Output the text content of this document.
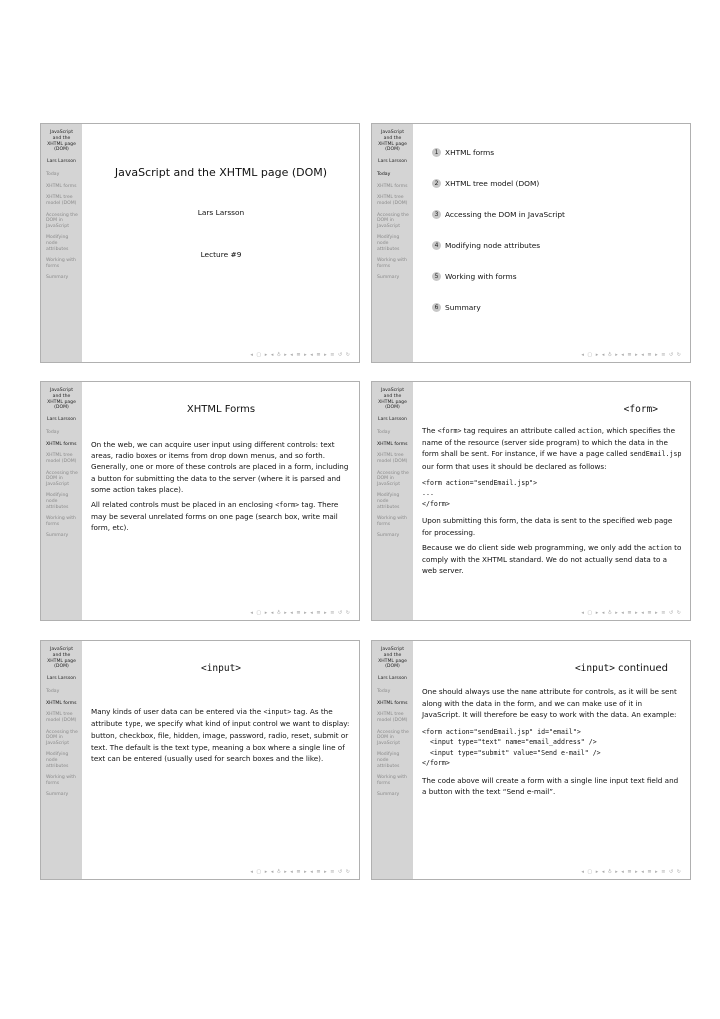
JavaScript
and the
XHTML page
(DOM)
Lars Larsson
Today
XHTML forms
XHTML tree
model (DOM)
Accessing the
DOM in
JavaScript
Modifying
node
attributes
Working with
forms
Summary
JavaScript and the XHTML page (DOM)
Lars Larsson
Lecture #9
◂ ▢ ▸ ◂ ♁ ▸ ◂ ≣ ▸ ◂ ≣ ▸ ≡ ↺ ↻
JavaScript
and the
XHTML page
(DOM)
Lars Larsson
Today
XHTML forms
XHTML tree
model (DOM)
Accessing the
DOM in
JavaScript
Modifying
node
attributes
Working with
forms
Summary
1 XHTML forms
2 XHTML tree model (DOM)
3 Accessing the DOM in JavaScript
4 Modifying node attributes
5 Working with forms
6 Summary
◂ ▢ ▸ ◂ ♁ ▸ ◂ ≣ ▸ ◂ ≣ ▸ ≡ ↺ ↻
JavaScript
and the
XHTML page
(DOM)
Lars Larsson
Today
XHTML forms
XHTML tree
model (DOM)
Accessing the
DOM in
JavaScript
Modifying
node
attributes
Working with
forms
Summary
XHTML Forms

On the web, we can acquire user input using different controls: text areas, radio boxes or items from drop down menus, and so forth. Generally, one or more of these controls are placed in a form, including a button for submitting the data to the server (where it is parsed and some action takes place).

All related controls must be placed in an enclosing <form> tag. There may be several unrelated forms on one page (search box, write mail form, etc).

◂ ▢ ▸ ◂ ♁ ▸ ◂ ≣ ▸ ◂ ≣ ▸ ≡ ↺ ↻
JavaScript
and the
XHTML page
(DOM)
Lars Larsson
Today
XHTML forms
XHTML tree
model (DOM)
Accessing the
DOM in
JavaScript
Modifying
node
attributes
Working with
forms
Summary
<form>

The <form> tag requires an attribute called action, which specifies the name of the resource (server side program) to which the data in the form shall be sent. For instance, if we have a page called sendEmail.jsp our form that uses it should be declared as follows:

<form action="sendEmail.jsp">
...
</form>

Upon submitting this form, the data is sent to the specified web page for processing.

Because we do client side web programming, we only add the action to comply with the XHTML standard. We do not actually send data to a web server.

◂ ▢ ▸ ◂ ♁ ▸ ◂ ≣ ▸ ◂ ≣ ▸ ≡ ↺ ↻
JavaScript
and the
XHTML page
(DOM)
Lars Larsson
Today
XHTML forms
XHTML tree
model (DOM)
Accessing the
DOM in
JavaScript
Modifying
node
attributes
Working with
forms
Summary
<input>

Many kinds of user data can be entered via the <input> tag. As the attribute type, we specify what kind of input control we want to display: button, checkbox, file, hidden, image, password, radio, reset, submit or text. The default is the text type, meaning a box where a single line of text can be entered (usually used for search boxes and the like).

◂ ▢ ▸ ◂ ♁ ▸ ◂ ≣ ▸ ◂ ≣ ▸ ≡ ↺ ↻
JavaScript
and the
XHTML page
(DOM)
Lars Larsson
Today
XHTML forms
XHTML tree
model (DOM)
Accessing the
DOM in
JavaScript
Modifying
node
attributes
Working with
forms
Summary
<input> continued

One should always use the name attribute for controls, as it will be sent along with the data in the form, and we can make use of it in JavaScript. It will therefore be easy to work with the data. An example:

<form action="sendEmail.jsp" id="email">
<input type="text" name="email_address" />
<input type="submit" value="Send e-mail" />
</form>

The code above will create a form with a single line input text field and a button with the text “Send e-mail”.

◂ ▢ ▸ ◂ ♁ ▸ ◂ ≣ ▸ ◂ ≣ ▸ ≡ ↺ ↻
